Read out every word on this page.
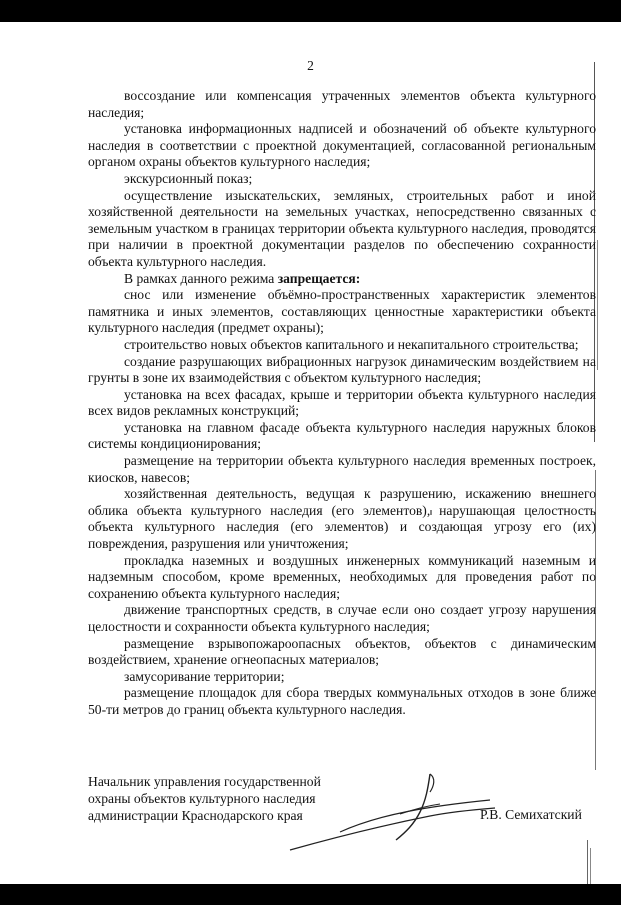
2

воссоздание или компенсация утраченных элементов объекта культурного наследия;

установка информационных надписей и обозначений об объекте культурного наследия в соответствии с проектной документацией, согласованной региональным органом охраны объектов культурного наследия;

экскурсионный показ;

осуществление изыскательских, земляных, строительных работ и иной хозяйственной деятельности на земельных участках, непосредственно связанных с земельным участком в границах территории объекта культурного наследия, проводятся при наличии в проектной документации разделов по обеспечению сохранности объекта культурного наследия.

В рамках данного режима запрещается:

снос или изменение объёмно-пространственных характеристик элементов памятника и иных элементов, составляющих ценностные характеристики объекта культурного наследия (предмет охраны);

строительство новых объектов капитального и некапитального строительства;

создание разрушающих вибрационных нагрузок динамическим воздействием на грунты в зоне их взаимодействия с объектом культурного наследия;

установка на всех фасадах, крыше и территории объекта культурного наследия всех видов рекламных конструкций;

установка на главном фасаде объекта культурного наследия наружных блоков системы кондиционирования;

размещение на территории объекта культурного наследия временных построек, киосков, навесов;

хозяйственная деятельность, ведущая к разрушению, искажению внешнего облика объекта культурного наследия (его элементов), нарушающая целостность объекта культурного наследия (его элементов) и создающая угрозу его (их) повреждения, разрушения или уничтожения;

прокладка наземных и воздушных инженерных коммуникаций наземным и надземным способом, кроме временных, необходимых для проведения работ по сохранению объекта культурного наследия;

движение транспортных средств, в случае если оно создает угрозу нарушения целостности и сохранности объекта культурного наследия;

размещение взрывопожароопасных объектов, объектов с динамическим воздействием, хранение огнеопасных материалов;

замусоривание территории;

размещение площадок для сбора твердых коммунальных отходов в зоне ближе 50-ти метров до границ объекта культурного наследия.

Начальник управления государственной
охраны объектов культурного наследия
администрации Краснодарского края	Р.В. Семихатский
